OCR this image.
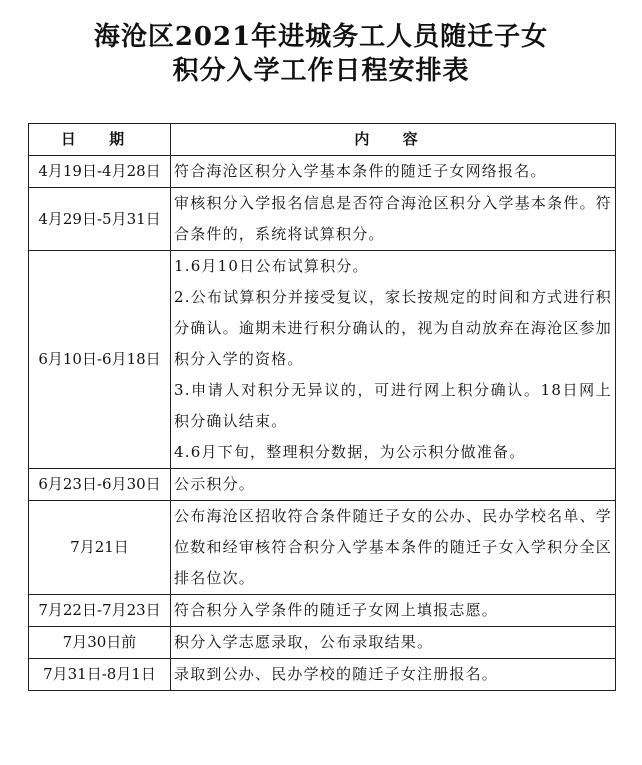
海沧区2021年进城务工人员随迁子女
积分入学工作日程安排表
日 期	内 容
4月19日-4月28日	符合海沧区积分入学基本条件的随迁子女网络报名。

4月29日-5月31日	审核积分入学报名信息是否符合海沧区积分入学基本条件。符合条件的，系统将试算积分。

6月10日-6月18日	1.6月10日公布试算积分。

2.公布试算积分并接受复议，家长按规定的时间和方式进行积分确认。逾期未进行积分确认的，视为自动放弃在海沧区参加积分入学的资格。

3.申请人对积分无异议的，可进行网上积分确认。18日网上积分确认结束。

4.6月下旬，整理积分数据，为公示积分做准备。

6月23日-6月30日	公示积分。

7月21日	公布海沧区招收符合条件随迁子女的公办、民办学校名单、学位数和经审核符合积分入学基本条件的随迁子女入学积分全区排名位次。

7月22日-7月23日	符合积分入学条件的随迁子女网上填报志愿。

7月30日前	积分入学志愿录取，公布录取结果。

7月31日-8月1日	录取到公办、民办学校的随迁子女注册报名。
